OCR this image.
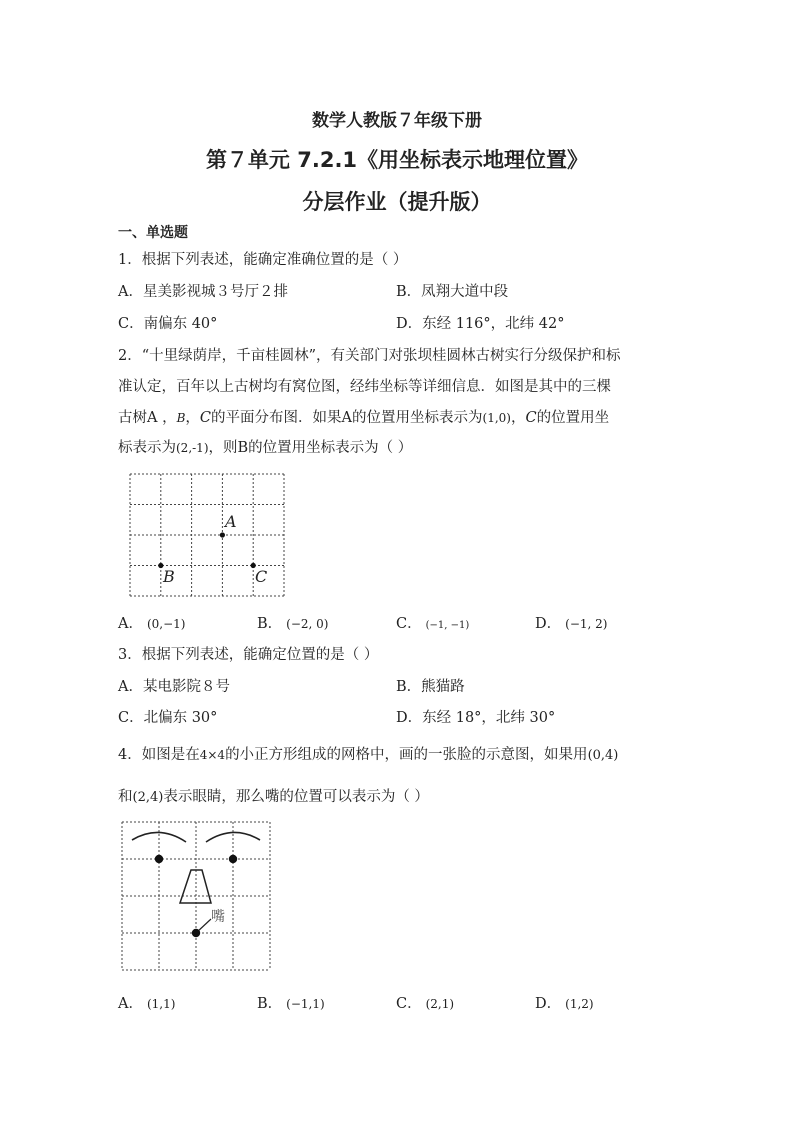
数学人教版７年级下册
第７单元 7.2.1《用坐标表示地理位置》
分层作业（提升版）
一、单选题
1．根据下列表述，能确定准确位置的是（ ）
A．星美影视城３号厅２排	B．凤翔大道中段
C．南偏东 40°	D．东经 116°，北纬 42°
2．“十里绿荫岸，千亩桂圆林”，有关部门对张坝桂圆林古树实行分级保护和标
准认定，百年以上古树均有窝位图，经纬坐标等详细信息．如图是其中的三棵
古树A ，B，C的平面分布图．如果A的位置用坐标表示为(1,0)，C的位置用坐
标表示为(2,-1)，则B的位置用坐标表示为（ ）
A
B	C
A． (0,−1)	B． (−2, 0)	C． (−1, −1)	D． (−1, 2)
3．根据下列表述，能确定位置的是（ ）
A．某电影院８号	B．熊猫路
C．北偏东 30°	D．东经 18°，北纬 30°
4．如图是在4×4的小正方形组成的网格中，画的一张脸的示意图，如果用(0,4)
和(2,4)表示眼睛，那么嘴的位置可以表示为（ ）
嘴
A． (1,1)	B． (−1,1)	C． (2,1)	D． (1,2)
